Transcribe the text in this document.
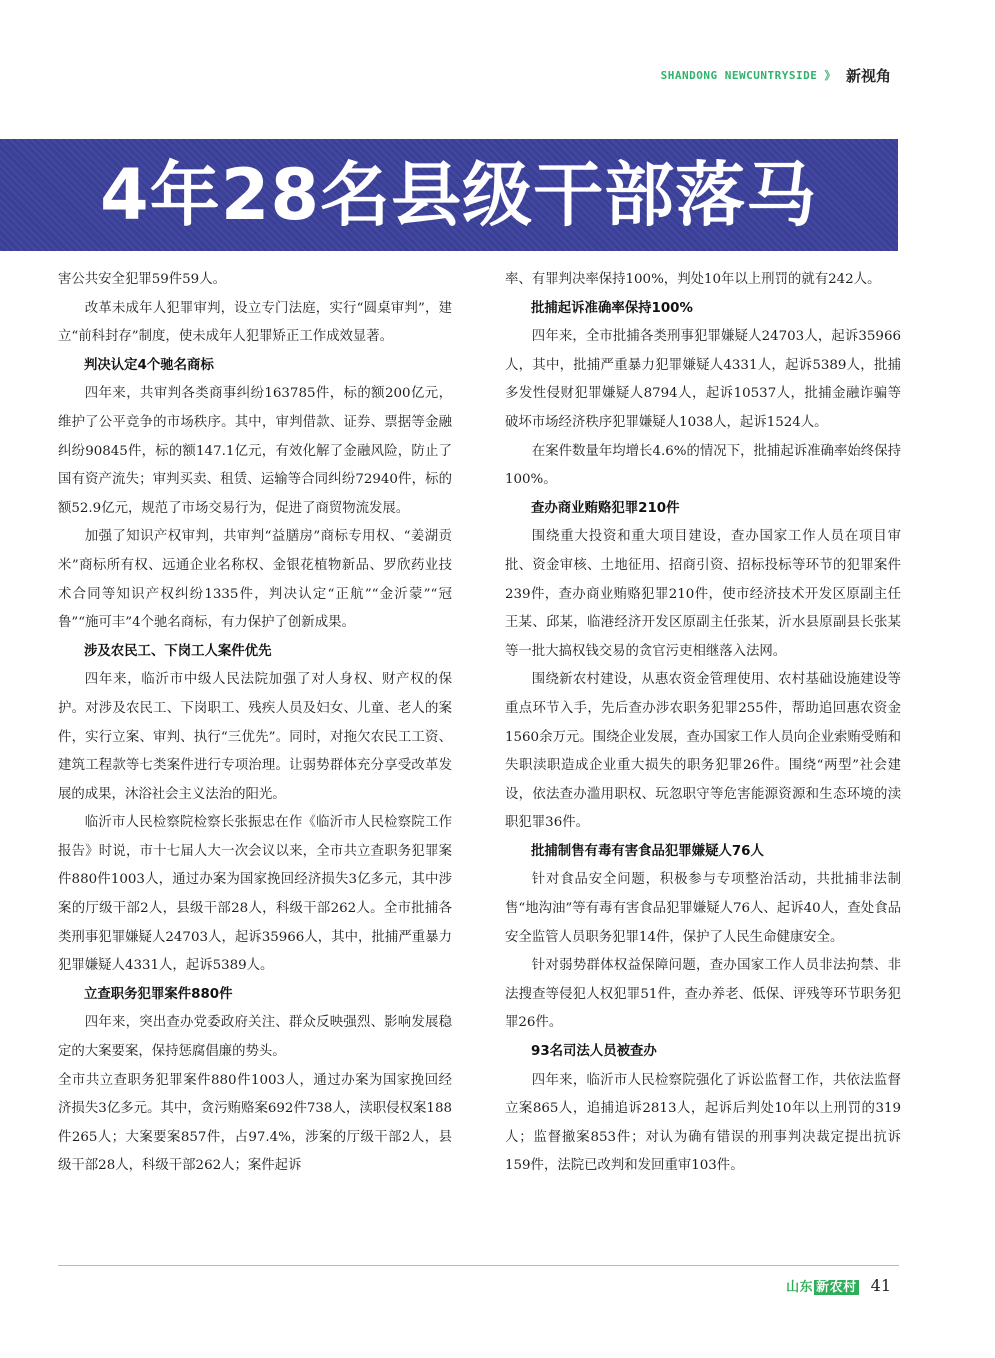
SHANDONG NEWCUNTRYSIDE 》 新视角
4年28名县级干部落马

害公共安全犯罪59件59人。

改革未成年人犯罪审判，设立专门法庭，实行“圆桌审判”，建立“前科封存”制度，使未成年人犯罪矫正工作成效显著。

判决认定4个驰名商标

四年来，共审判各类商事纠纷163785件，标的额200亿元，维护了公平竞争的市场秩序。其中，审判借款、证券、票据等金融纠纷90845件，标的额147.1亿元，有效化解了金融风险，防止了国有资产流失；审判买卖、租赁、运输等合同纠纷72940件，标的额52.9亿元，规范了市场交易行为，促进了商贸物流发展。

加强了知识产权审判，共审判“益膳房”商标专用权、“姜湖贡米”商标所有权、远通企业名称权、金银花植物新品、罗欣药业技术合同等知识产权纠纷1335件，判决认定“正航”“金沂蒙”“冠鲁”“施可丰”4个驰名商标，有力保护了创新成果。

涉及农民工、下岗工人案件优先

四年来，临沂市中级人民法院加强了对人身权、财产权的保护。对涉及农民工、下岗职工、残疾人员及妇女、儿童、老人的案件，实行立案、审判、执行“三优先”。同时，对拖欠农民工工资、建筑工程款等七类案件进行专项治理。让弱势群体充分享受改革发展的成果，沐浴社会主义法治的阳光。

临沂市人民检察院检察长张振忠在作《临沂市人民检察院工作报告》时说，市十七届人大一次会议以来，全市共立查职务犯罪案件880件1003人，通过办案为国家挽回经济损失3亿多元，其中涉案的厅级干部2人，县级干部28人，科级干部262人。全市批捕各类刑事犯罪嫌疑人24703人，起诉35966人，其中，批捕严重暴力犯罪嫌疑人4331人，起诉5389人。

立查职务犯罪案件880件

四年来，突出查办党委政府关注、群众反映强烈、影响发展稳定的大案要案，保持惩腐倡廉的势头。

全市共立查职务犯罪案件880件1003人，通过办案为国家挽回经济损失3亿多元。其中，贪污贿赂案692件738人，渎职侵权案188件265人；大案要案857件，占97.4%，涉案的厅级干部2人，县级干部28人，科级干部262人；案件起诉

率、有罪判决率保持100%，判处10年以上刑罚的就有242人。

批捕起诉准确率保持100%

四年来，全市批捕各类刑事犯罪嫌疑人24703人，起诉35966人，其中，批捕严重暴力犯罪嫌疑人4331人，起诉5389人，批捕多发性侵财犯罪嫌疑人8794人，起诉10537人，批捕金融诈骗等破坏市场经济秩序犯罪嫌疑人1038人，起诉1524人。

在案件数量年均增长4.6%的情况下，批捕起诉准确率始终保持100%。

查办商业贿赂犯罪210件

围绕重大投资和重大项目建设，查办国家工作人员在项目审批、资金审核、土地征用、招商引资、招标投标等环节的犯罪案件239件，查办商业贿赂犯罪210件，使市经济技术开发区原副主任王某、邱某，临港经济开发区原副主任张某，沂水县原副县长张某等一批大搞权钱交易的贪官污吏相继落入法网。

围绕新农村建设，从惠农资金管理使用、农村基础设施建设等重点环节入手，先后查办涉农职务犯罪255件，帮助追回惠农资金1560余万元。围绕企业发展，查办国家工作人员向企业索贿受贿和失职渎职造成企业重大损失的职务犯罪26件。围绕“两型”社会建设，依法查办滥用职权、玩忽职守等危害能源资源和生态环境的渎职犯罪36件。

批捕制售有毒有害食品犯罪嫌疑人76人

针对食品安全问题，积极参与专项整治活动，共批捕非法制售“地沟油”等有毒有害食品犯罪嫌疑人76人、起诉40人，查处食品安全监管人员职务犯罪14件，保护了人民生命健康安全。

针对弱势群体权益保障问题，查办国家工作人员非法拘禁、非法搜查等侵犯人权犯罪51件，查办养老、低保、评残等环节职务犯罪26件。

93名司法人员被查办

四年来，临沂市人民检察院强化了诉讼监督工作，共依法监督立案865人，追捕追诉2813人，起诉后判处10年以上刑罚的319人；监督撤案853件；对认为确有错误的刑事判决裁定提出抗诉159件，法院已改判和发回重审103件。

山东 新农村 41
